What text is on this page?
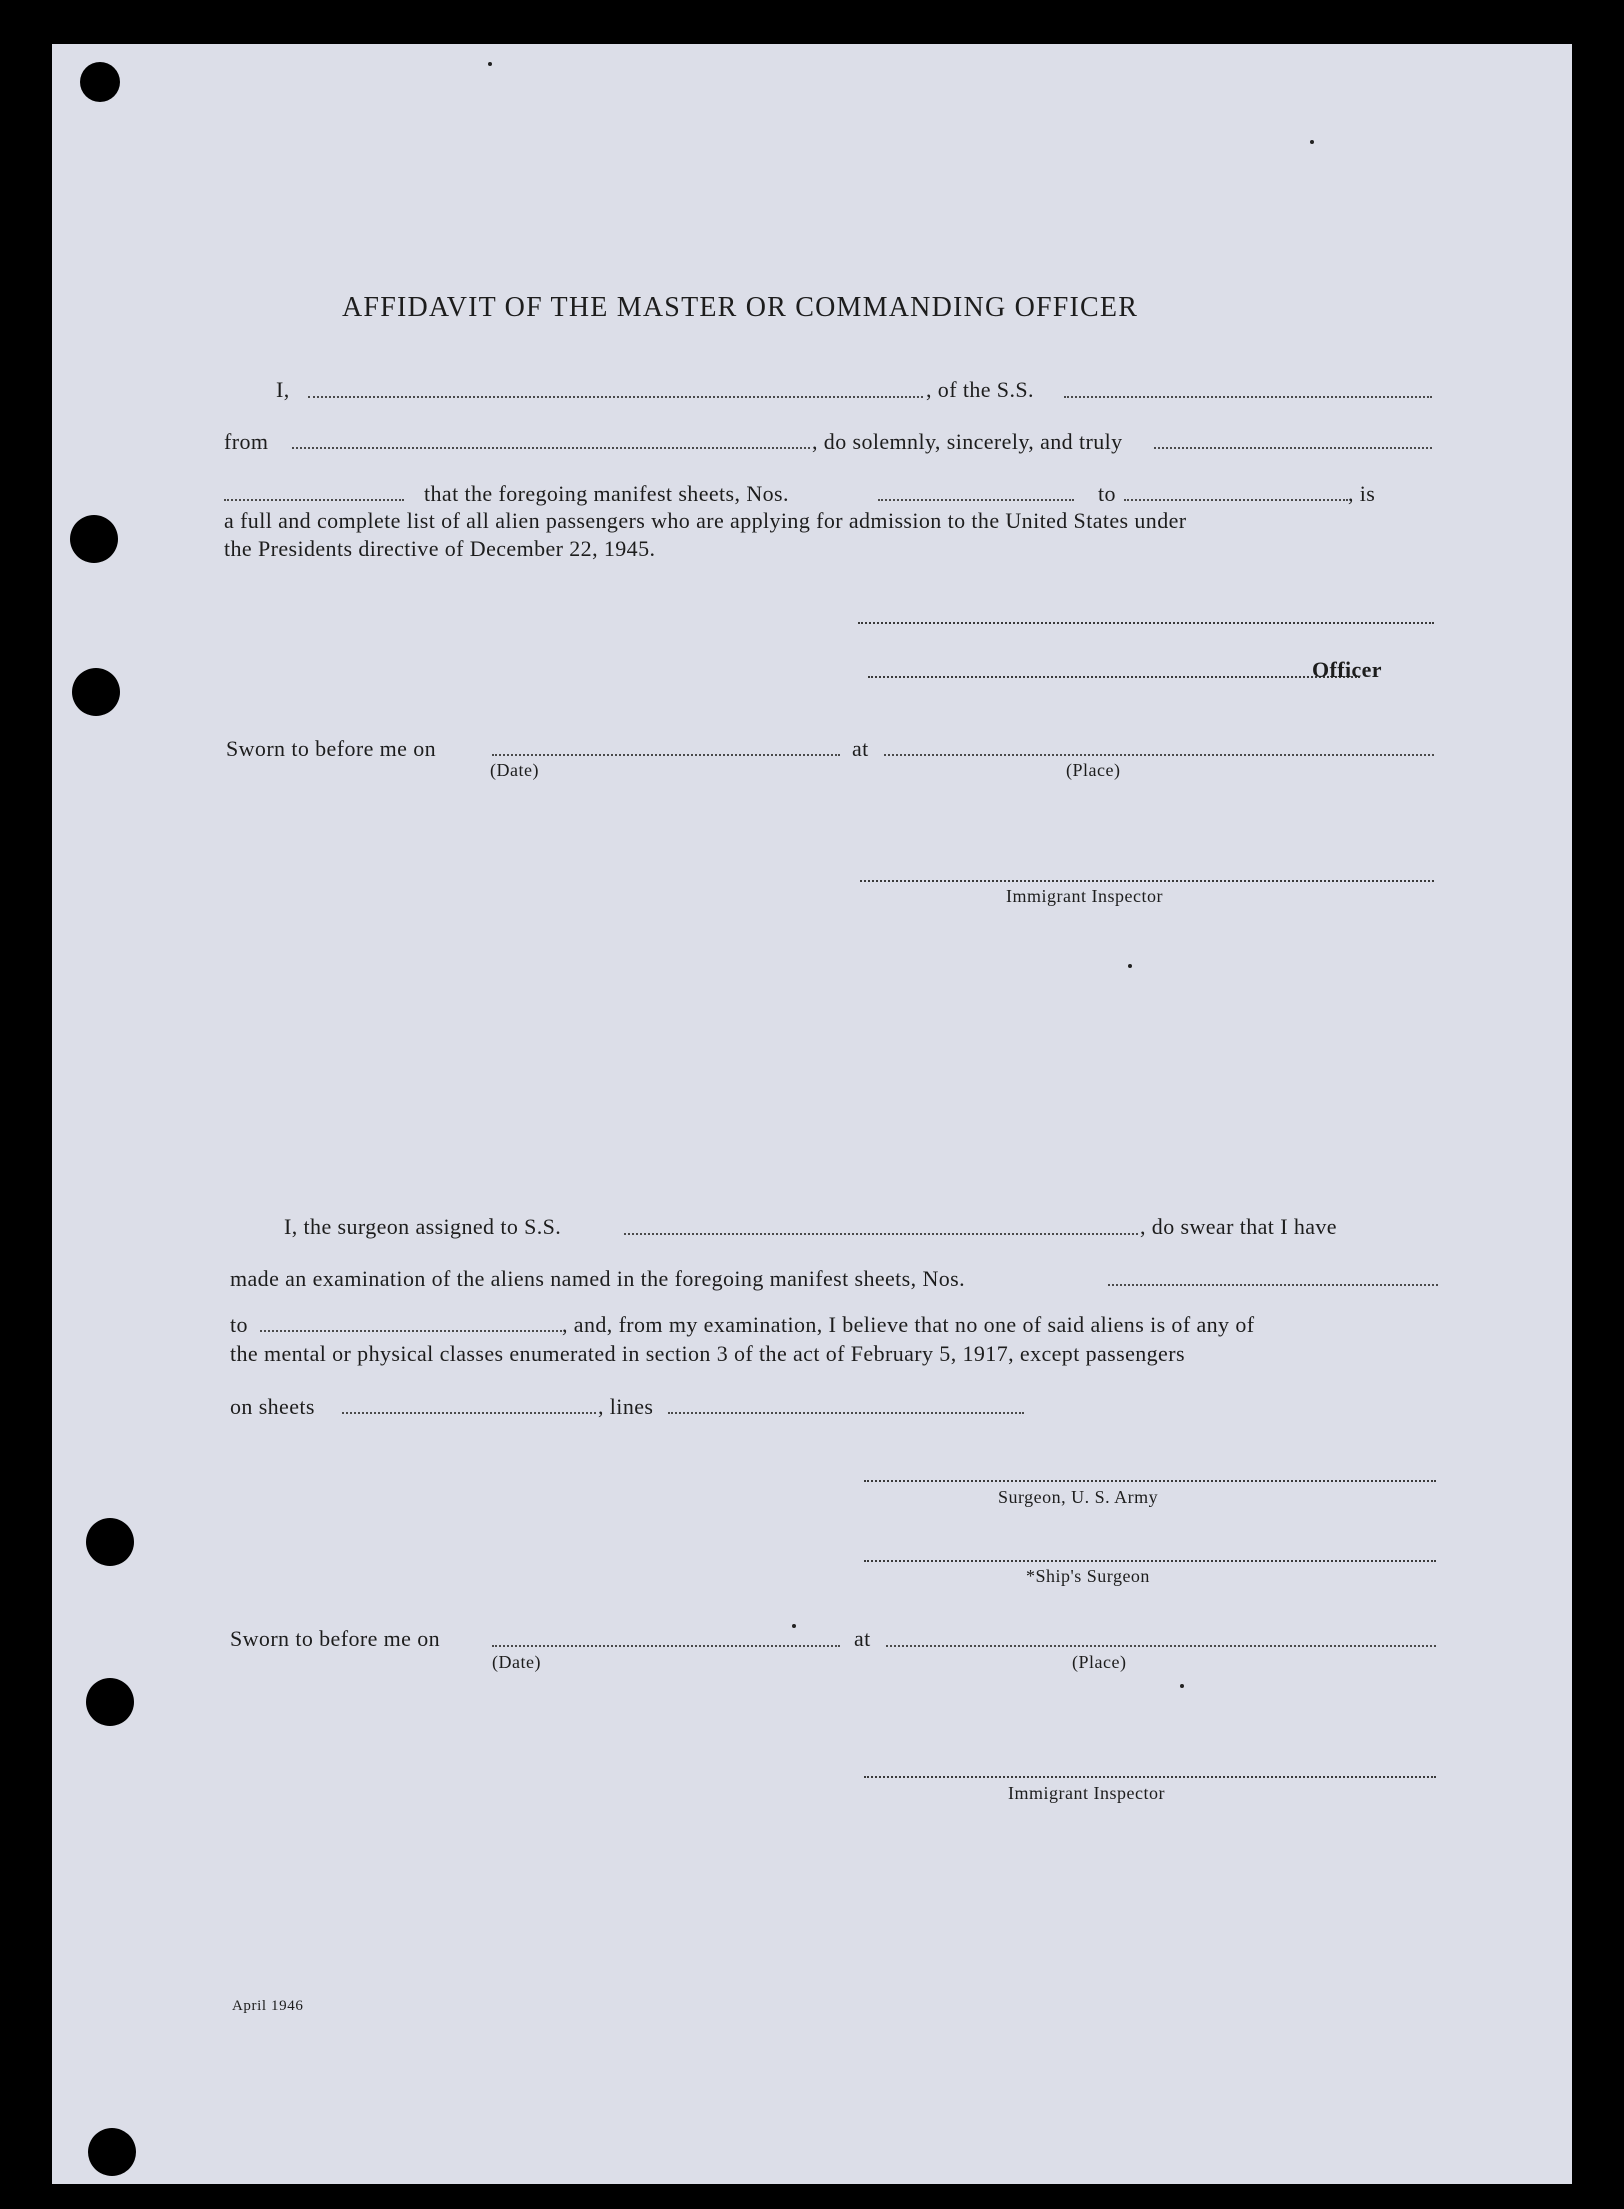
AFFIDAVIT OF THE MASTER OR COMMANDING OFFICER
I,	, of the S.S.
from	, do solemnly, sincerely, and truly
that the foregoing manifest sheets, Nos.	to	, is
a full and complete list of all alien passengers who are applying for admission to the United States under
the Presidents directive of December 22, 1945.
Officer
Sworn to before me on	at
(Date)	(Place)
Immigrant Inspector
I, the surgeon assigned to S.S.	, do swear that I have
made an examination of the aliens named in the foregoing manifest sheets, Nos.
to	, and, from my examination, I believe that no one of said aliens is of any of
the mental or physical classes enumerated in section 3 of the act of February 5, 1917, except passengers
on sheets	, lines
Surgeon, U. S. Army
*Ship's Surgeon
Sworn to before me on	at
(Date)	(Place)
Immigrant Inspector
April 1946
